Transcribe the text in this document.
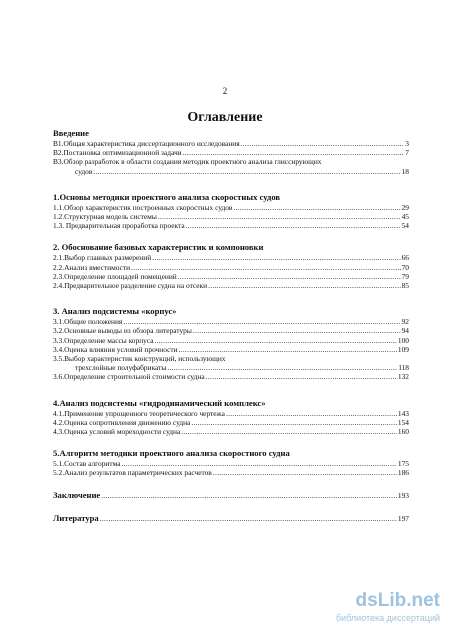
2
Оглавление
Введение
В1.Общая характеристика диссертационного исследования .....	3
В2.Постановка оптимизационной задачи .....	7
В3.Обзор разработок в области создания методик проектного анализа глиссирующих
судов .....	18
1.Основы методики проектного анализа скоростных судов
1.1.Обзор характеристик построенных скоростных судов .....	29
1.2.Структурная модель системы .....	45
1.3. Предварительная проработка проекта .....	54
2. Обоснование базовых характеристик и компоновки
2.1.Выбор главных размерений .....	66
2.2.Анализ вместимости .....	70
2.3.Определение площадей помещений .....	79
2.4.Предварительное разделение судна на отсеки .....	85
3. Анализ подсистемы «корпус»
3.1.Общие положения .....	92
3.2.Основные выводы из обзора литературы .....	94
3.3.Определение массы корпуса .....	100
3.4.Оценка влияния условий прочности .....	109
3.5.Выбор характеристик конструкций, использующих
трехслойные полуфабрикаты .....	118
3.6.Определение строительной стоимости судна .....	132
4.Анализ подсистемы «гидродинамический комплекс»
4.1.Применение упрощенного теоретического чертежа .....	143
4.2.Оценка сопротивления движению судна .....	154
4.3.Оценка условий мореходности судна .....	160
5.Алгоритм методики проектного анализа скоростного судна
5.1.Состав алгоритма .....	175
5.2.Анализ результатов параметрических расчетов .....	186
Заключение .....	193
Литература .....	197
dsLib.net
библиотека диссертаций
